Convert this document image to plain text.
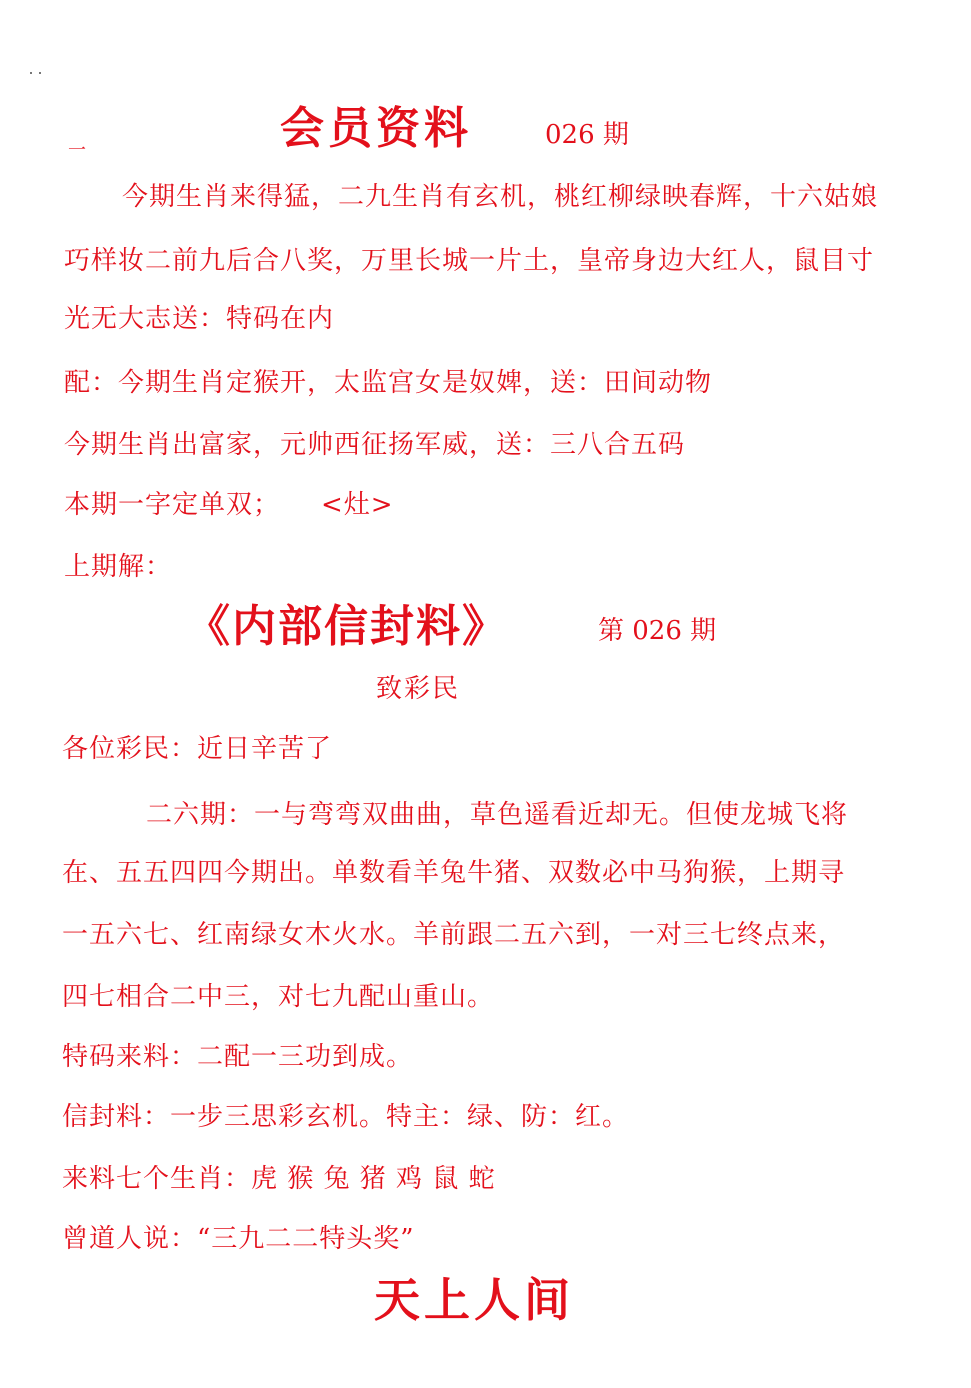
会员资料	026 期
一

今期生肖来得猛，二九生肖有玄机，桃红柳绿映春辉，十六姑娘

巧样妆二前九后合八奖，万里长城一片土，皇帝身边大红人，鼠目寸

光无大志送：特码在内

配：今期生肖定猴开，太监宫女是奴婢，送：田间动物

今期生肖出富家，元帅西征扬军威，送：三八合五码

本期一字定单双；　　<灶>

上期解：

《内部信封料》	第 026 期

致彩民

各位彩民：近日辛苦了

二六期：一与弯弯双曲曲，草色遥看近却无。但使龙城飞将

在、五五四四今期出。单数看羊兔牛猪、双数必中马狗猴，上期寻

一五六七、红南绿女木火水。羊前跟二五六到，一对三七终点来，

四七相合二中三，对七九配山重山。

特码来料：二配一三功到成。

信封料：一步三思彩玄机。特主：绿、防：红。

来料七个生肖：虎 猴 兔 猪 鸡 鼠 蛇

曾道人说：“三九二二特头奖”

天上人间
